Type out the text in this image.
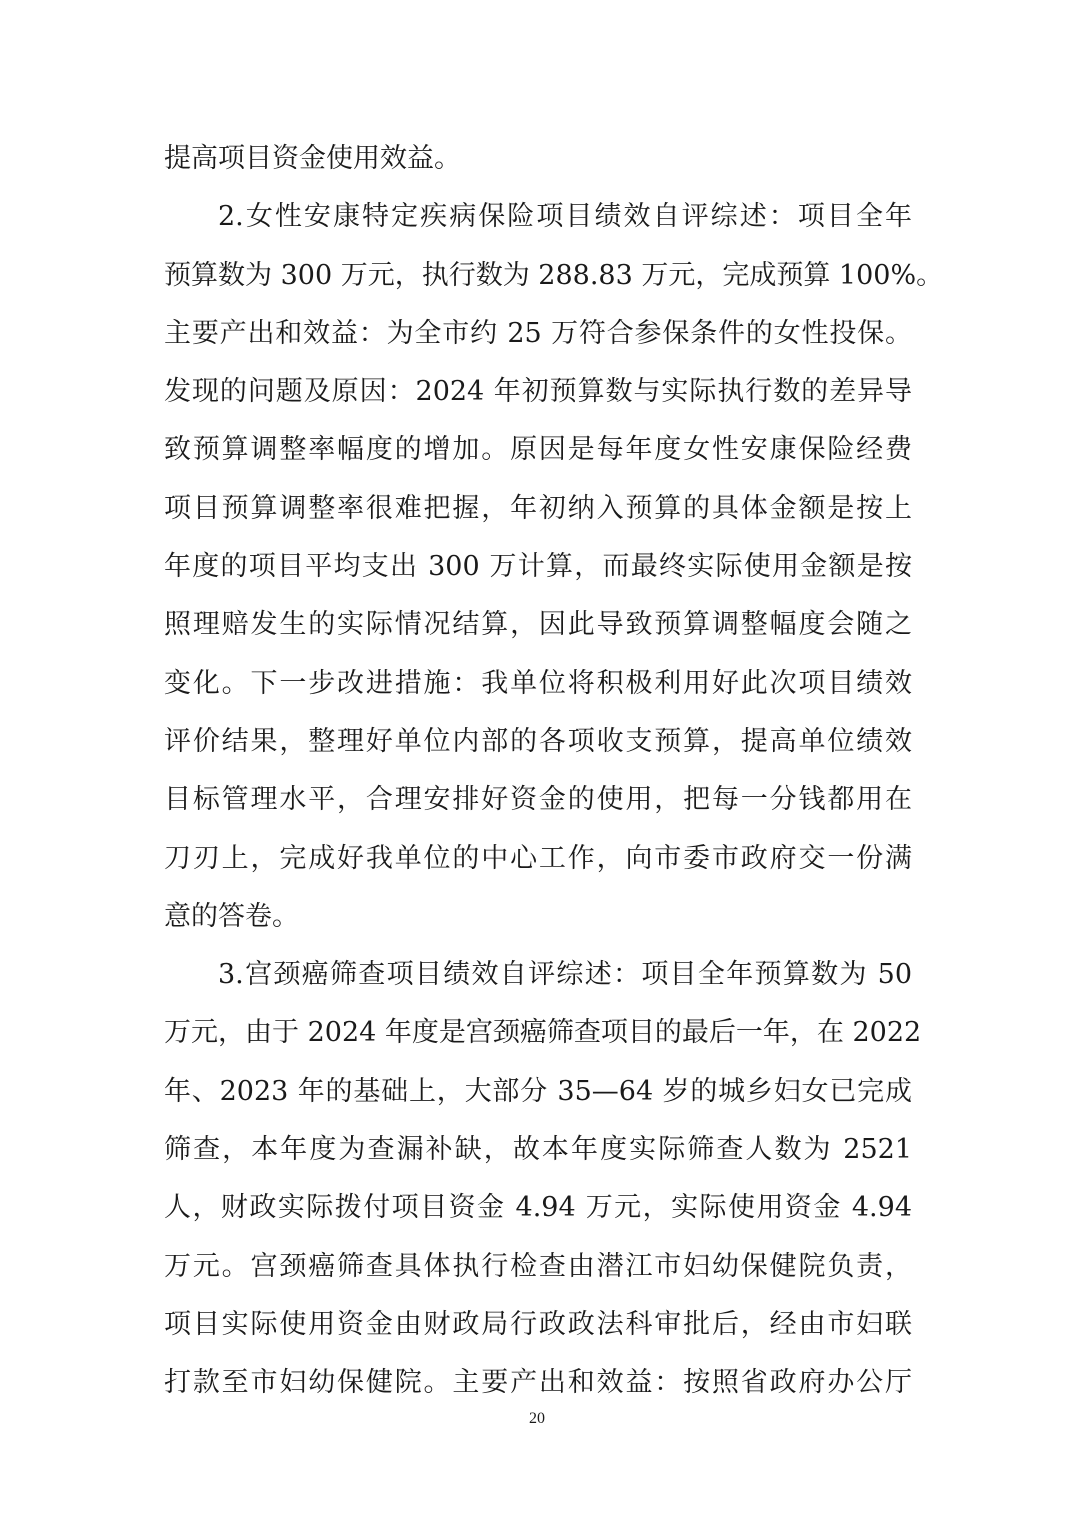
提高项目资金使用效益。
2.女性安康特定疾病保险项目绩效自评综述：项目全年
预算数为 300 万元，执行数为 288.83 万元，完成预算 100%。
主要产出和效益：为全市约 25 万符合参保条件的女性投保。
发现的问题及原因：2024 年初预算数与实际执行数的差异导
致预算调整率幅度的增加。原因是每年度女性安康保险经费
项目预算调整率很难把握，年初纳入预算的具体金额是按上
年度的项目平均支出 300 万计算，而最终实际使用金额是按
照理赔发生的实际情况结算，因此导致预算调整幅度会随之
变化。下一步改进措施：我单位将积极利用好此次项目绩效
评价结果，整理好单位内部的各项收支预算，提高单位绩效
目标管理水平，合理安排好资金的使用，把每一分钱都用在
刀刃上，完成好我单位的中心工作，向市委市政府交一份满
意的答卷。
3.宫颈癌筛查项目绩效自评综述：项目全年预算数为 50
万元，由于 2024 年度是宫颈癌筛查项目的最后一年，在 2022
年、2023 年的基础上，大部分 35—64 岁的城乡妇女已完成
筛查，本年度为查漏补缺，故本年度实际筛查人数为 2521
人，财政实际拨付项目资金 4.94 万元，实际使用资金 4.94
万元。宫颈癌筛查具体执行检查由潜江市妇幼保健院负责，
项目实际使用资金由财政局行政政法科审批后，经由市妇联
打款至市妇幼保健院。主要产出和效益：按照省政府办公厅
20
